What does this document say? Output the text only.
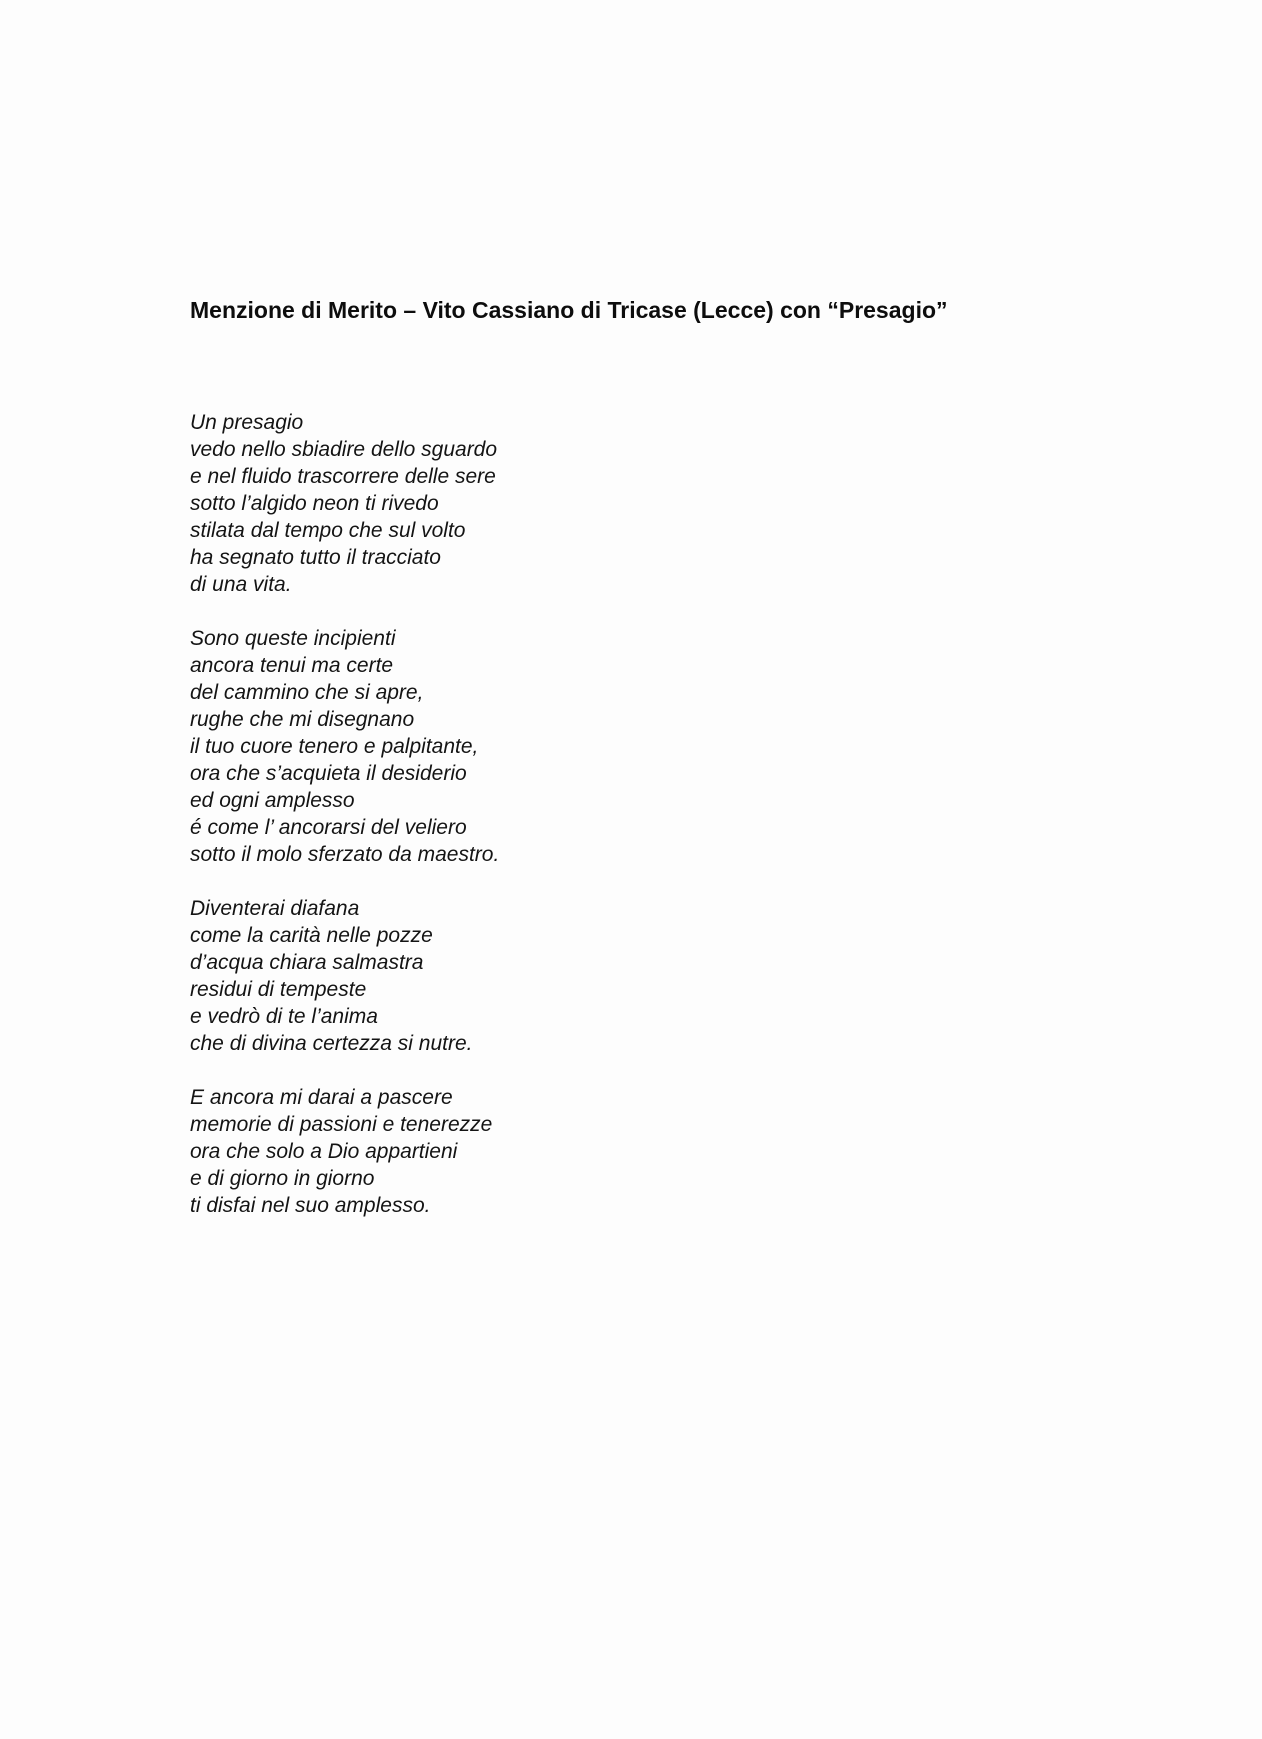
Menzione di Merito – Vito Cassiano di Tricase (Lecce) con “Presagio”
Un presagio
vedo nello sbiadire dello sguardo
e nel fluido trascorrere delle sere
sotto l’algido neon ti rivedo
stilata dal tempo che sul volto
ha segnato tutto il tracciato
di una vita.
Sono queste incipienti
ancora tenui ma certe
del cammino che si apre,
rughe che mi disegnano
il tuo cuore tenero e palpitante,
ora che s’acquieta il desiderio
ed ogni amplesso
é come l’ ancorarsi del veliero
sotto il molo sferzato da maestro.
Diventerai diafana
come la carità nelle pozze
d’acqua chiara salmastra
residui di tempeste
e vedrò di te l’anima
che di divina certezza si nutre.
E ancora mi darai a pascere
memorie di passioni e tenerezze
ora che solo a Dio appartieni
e di giorno in giorno
ti disfai nel suo amplesso.
